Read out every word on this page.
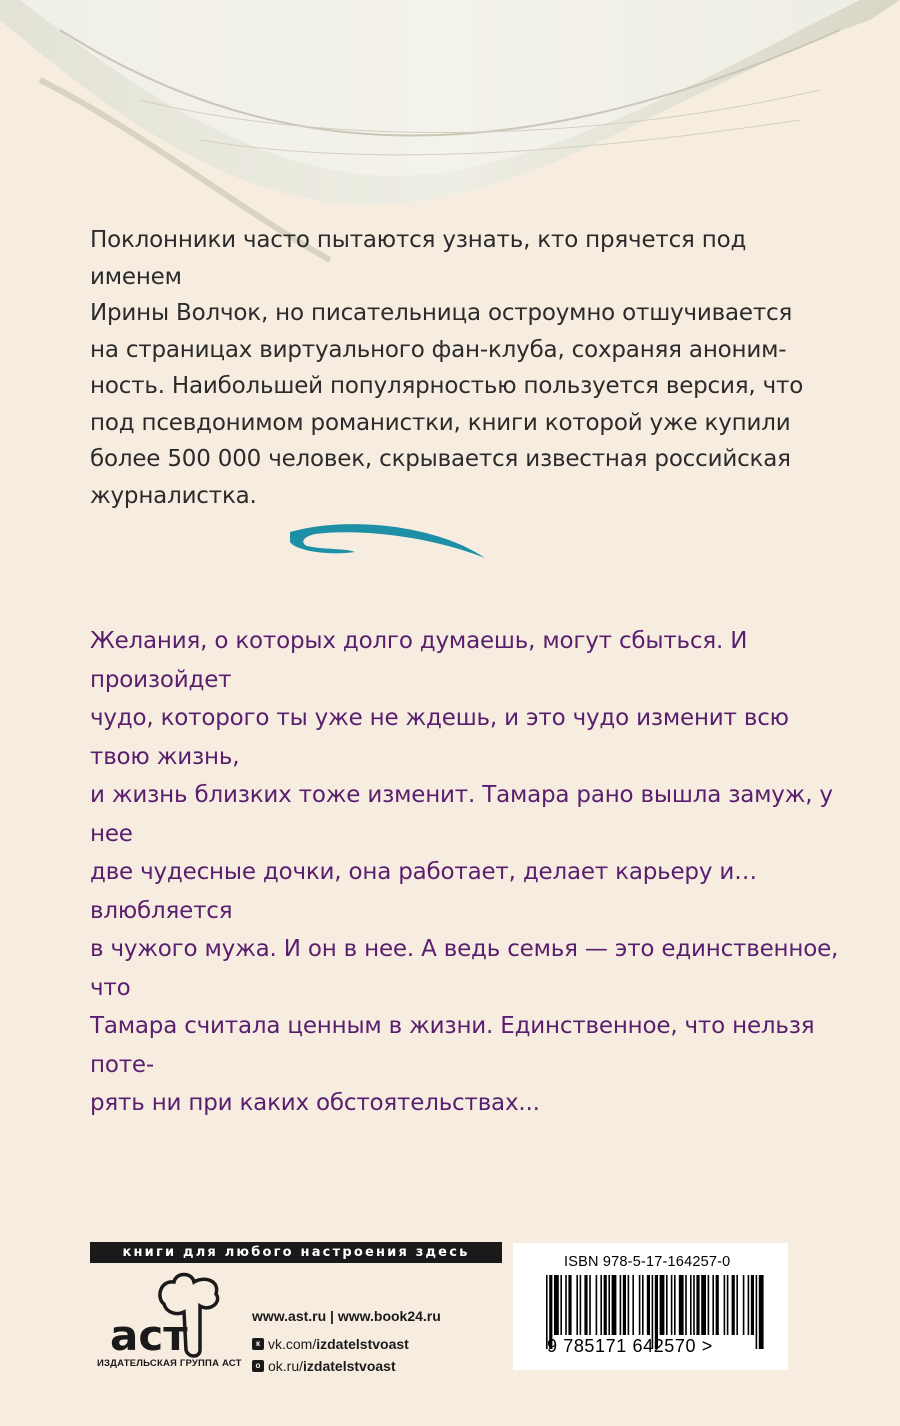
Поклонники часто пытаются узнать, кто прячется под именем
Ирины Волчок, но писательница остроумно отшучивается
на страницах виртуального фан-клуба, сохраняя аноним-
ность. Наибольшей популярностью пользуется версия, что
под псевдонимом романистки, книги которой уже купили
более 500 000 человек, скрывается известная российская
журналистка.
Желания, о которых долго думаешь, могут сбыться. И произойдет
чудо, которого ты уже не ждешь, и это чудо изменит всю твою жизнь,
и жизнь близких тоже изменит. Тамара рано вышла замуж, у нее
две чудесные дочки, она работает, делает карьеру и… влюбляется
в чужого мужа. И он в нее. А ведь семья — это единственное, что
Тамара считала ценным в жизни. Единственное, что нельзя поте-
рять ни при каких обстоятельствах...
книги для любого настроения здесь
аст
ИЗДАТЕЛЬСКАЯ ГРУППА АСТ
www.ast.ru | www.book24.ru
к vk.com/ izdatelstvoast
о ok.ru/ izdatelstvoast
ISBN 978-5-17-164257-0
9 785171 642570 >
